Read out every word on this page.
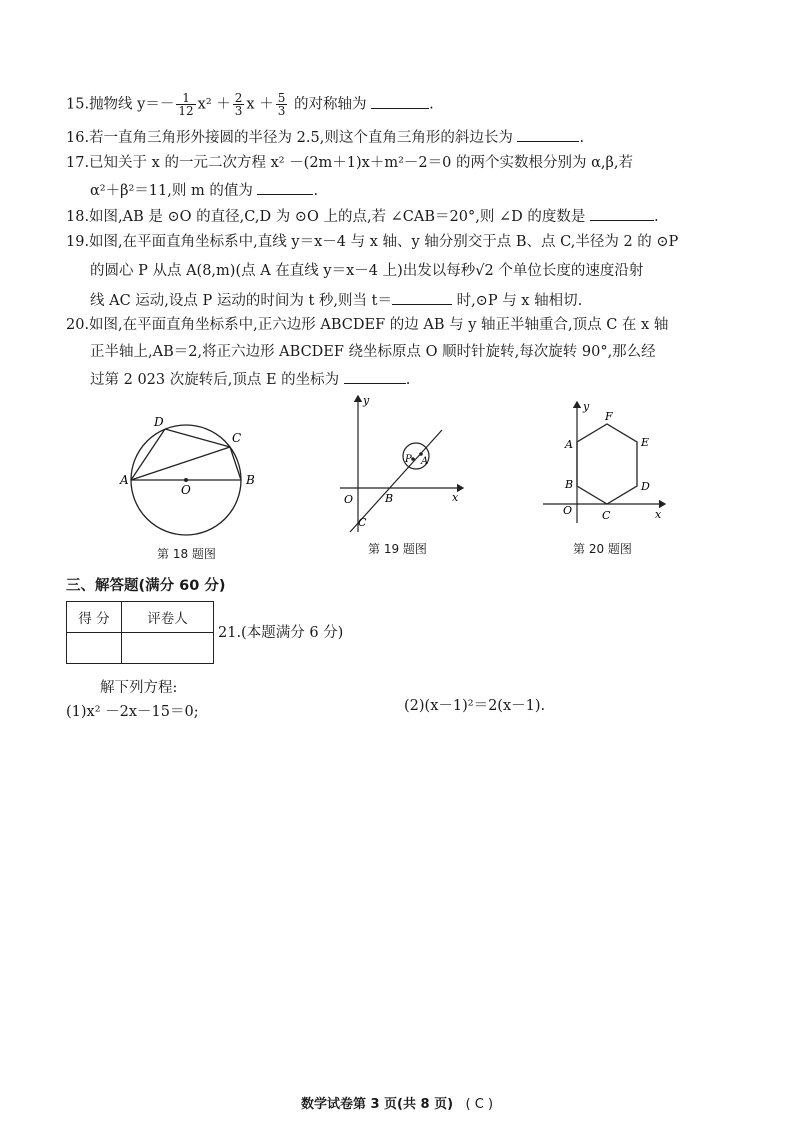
15.抛物线 $y=- \frac{1}{12} x^2 + \frac{2}{3}$ $x + \frac{5}{3}$ 的对称轴为	.
16.若一直角三角形外接圆的半径为 2.5,则这个直角三角形的斜边长为	.
17.已知关于 x 的一元二次方程 x² －(2m＋1)x＋m²－2＝0 的两个实数根分别为 α,β,若
α²＋β²＝11,则 m 的值为	.
18.如图,AB 是 ⊙O 的直径,C,D 为 ⊙O 上的点,若 ∠CAB＝20°,则 ∠D 的度数是	.
19.如图,在平面直角坐标系中,直线 y＝x－4 与 x 轴、y 轴分别交于点 B、点 C,半径为 2 的 ⊙P
的圆心 P 从点 A(8,m)(点 A 在直线 y＝x－4 上)出发以每秒√2 个单位长度的速度沿射
线 AC 运动,设点 P 运动的时间为 t 秒,则当 t＝	时,⊙P 与 x 轴相切.
20.如图,在平面直角坐标系中,正六边形 ABCDEF 的边 AB 与 y 轴正半轴重合,顶点 C 在 x 轴
正半轴上,AB＝2,将正六边形 ABCDEF 绕坐标原点 O 顺时针旋转,每次旋转 90°,那么经
过第 2 023 次旋转后,顶点 E 的坐标为	.
A	B
C
D
O
第 18 题图
y
x
O	B
C
P A
第 19 题图
y
x
O
A
B
C
D
E
F
第 20 题图
三、解答题(满分 60 分)
得 分	评卷人

21.(本题满分 6 分)
解下列方程:
(1)x² －2x－15＝0;	(2)(x－1)²＝2(x－1).
数学试卷第 3 页(共 8 页) ( C )
